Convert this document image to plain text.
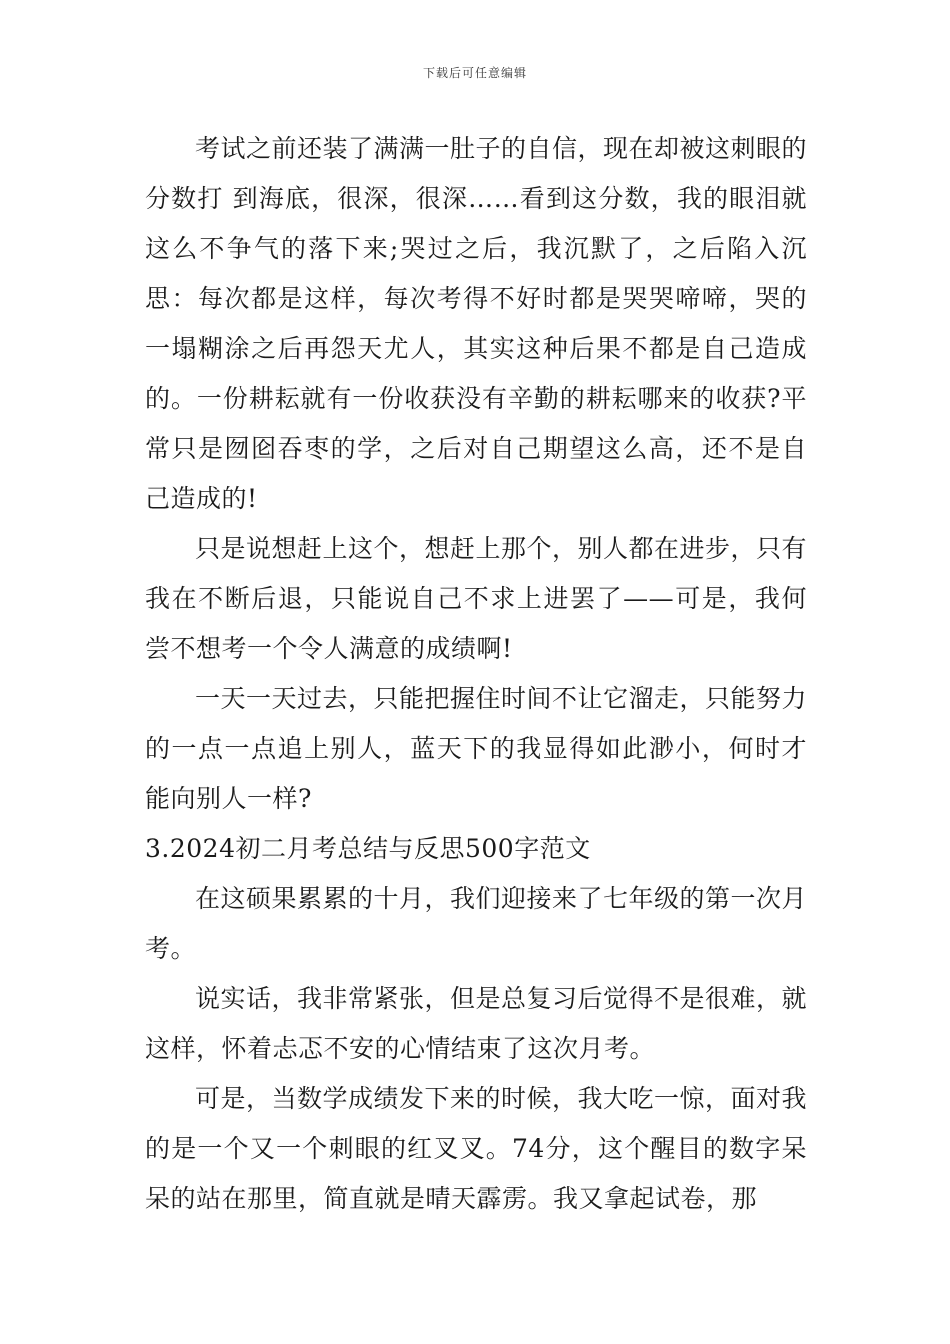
下载后可任意编辑

考试之前还装了满满一肚子的自信，现在却被这刺眼的分数打 到海底，很深，很深……看到这分数，我的眼泪就这么不争气的落下来;哭过之后，我沉默了，之后陷入沉思：每次都是这样，每次考得不好时都是哭哭啼啼，哭的一塌糊涂之后再怨天尤人，其实这种后果不都是自己造成的。一份耕耘就有一份收获没有辛勤的耕耘哪来的收获?平常只是囫囵吞枣的学，之后对自己期望这么高，还不是自己造成的!

只是说想赶上这个，想赶上那个，别人都在进步，只有我在不断后退，只能说自己不求上进罢了——可是，我何尝不想考一个令人满意的成绩啊!

一天一天过去，只能把握住时间不让它溜走，只能努力的一点一点追上别人，蓝天下的我显得如此渺小，何时才能向别人一样?

3.2024初二月考总结与反思500字范文

在这硕果累累的十月，我们迎接来了七年级的第一次月考。

说实话，我非常紧张，但是总复习后觉得不是很难，就这样，怀着忐忑不安的心情结束了这次月考。

可是，当数学成绩发下来的时候，我大吃一惊，面对我的是一个又一个刺眼的红叉叉。74分，这个醒目的数字呆呆的站在那里，简直就是晴天霹雳。我又拿起试卷，那
